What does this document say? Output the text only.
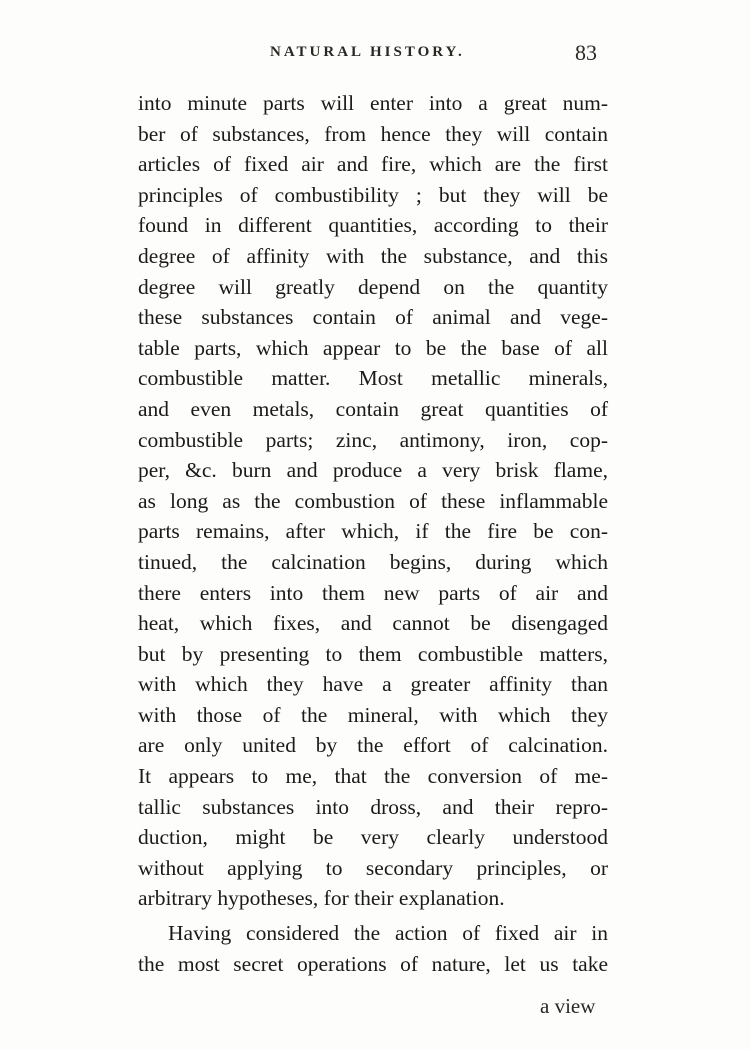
NATURAL HISTORY.	83
into minute parts will enter into a great num-
ber of substances, from hence they will contain
articles of fixed air and fire, which are the first
principles of combustibility ; but they will be
found in different quantities, according to their
degree of affinity with the substance, and this
degree will greatly depend on the quantity
these substances contain of animal and vege-
table parts, which appear to be the base of all
combustible matter. Most metallic minerals,
and even metals, contain great quantities of
combustible parts; zinc, antimony, iron, cop-
per, &c. burn and produce a very brisk flame,
as long as the combustion of these inflammable
parts remains, after which, if the fire be con-
tinued, the calcination begins, during which
there enters into them new parts of air and
heat, which fixes, and cannot be disengaged
but by presenting to them combustible matters,
with which they have a greater affinity than
with those of the mineral, with which they
are only united by the effort of calcination.
It appears to me, that the conversion of me-
tallic substances into dross, and their repro-
duction, might be very clearly understood
without applying to secondary principles, or
arbitrary hypotheses, for their explanation.
Having considered the action of fixed air in
the most secret operations of nature, let us take
a view
